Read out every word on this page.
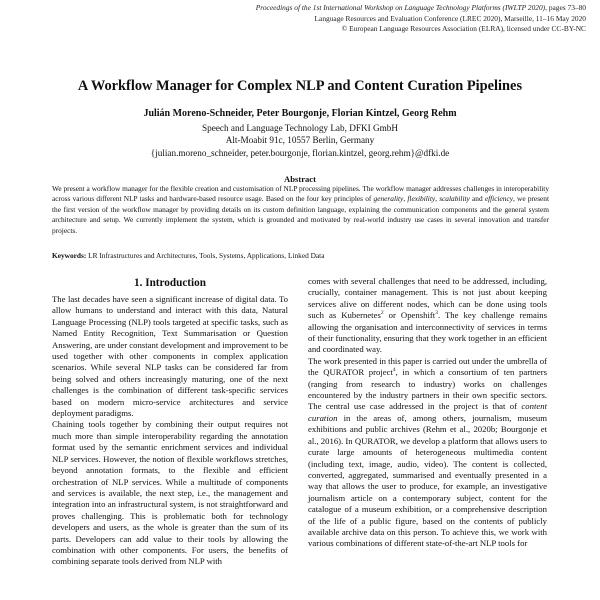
Proceedings of the 1st International Workshop on Language Technology Platforms (IWLTP 2020), pages 73–80
Language Resources and Evaluation Conference (LREC 2020), Marseille, 11–16 May 2020
© European Language Resources Association (ELRA), licensed under CC-BY-NC
A Workflow Manager for Complex NLP and Content Curation Pipelines
Julián Moreno-Schneider, Peter Bourgonje, Florian Kintzel, Georg Rehm
Speech and Language Technology Lab, DFKI GmbH
Alt-Moabit 91c, 10557 Berlin, Germany
{julian.moreno_schneider, peter.bourgonje, florian.kintzel, georg.rehm}@dfki.de
Abstract
We present a workflow manager for the flexible creation and customisation of NLP processing pipelines. The workflow manager addresses challenges in interoperability across various different NLP tasks and hardware-based resource usage. Based on the four key principles of generality, flexibility, scalability and efficiency, we present the first version of the workflow manager by providing details on its custom definition language, explaining the communication components and the general system architecture and setup. We currently implement the system, which is grounded and motivated by real-world industry use cases in several innovation and transfer projects.
Keywords: LR Infrastructures and Architectures, Tools, Systems, Applications, Linked Data
1. Introduction

The last decades have seen a significant increase of digital data. To allow humans to understand and interact with this data, Natural Language Processing (NLP) tools targeted at specific tasks, such as Named Entity Recognition, Text Summarisation or Question Answering, are under constant development and improvement to be used together with other components in complex application scenarios. While several NLP tasks can be considered far from being solved and others increasingly maturing, one of the next challenges is the combination of different task-specific services based on modern micro-service architectures and service deployment paradigms.

Chaining tools together by combining their output requires not much more than simple interoperability regarding the annotation format used by the semantic enrichment services and individual NLP services. However, the notion of flexible workflows stretches, beyond annotation formats, to the flexible and efficient orchestration of NLP services. While a multitude of components and services is available, the next step, i.e., the management and integration into an infrastructural system, is not straightforward and proves challenging. This is problematic both for technology developers and users, as the whole is greater than the sum of its parts. Developers can add value to their tools by allowing the combination with other components. For users, the benefits of combining separate tools derived from NLP with

comes with several challenges that need to be addressed, including, crucially, container management. This is not just about keeping services alive on different nodes, which can be done using tools such as Kubernetes$^2$ or Openshift$^3$. The key challenge remains allowing the organisation and interconnectivity of services in terms of their functionality, ensuring that they work together in an efficient and coordinated way.

The work presented in this paper is carried out under the umbrella of the QURATOR project$^4$, in which a consortium of ten partners (ranging from research to industry) works on challenges encountered by the industry partners in their own specific sectors. The central use case addressed in the project is that of content curation in the areas of, among others, journalism, museum exhibitions and public archives (Rehm et al., 2020b; Bourgonje et al., 2016). In QURATOR, we develop a platform that allows users to curate large amounts of heterogeneous multimedia content (including text, image, audio, video). The content is collected, converted, aggregated, summarised and eventually presented in a way that allows the user to produce, for example, an investigative journalism article on a contemporary subject, content for the catalogue of a museum exhibition, or a comprehensive description of the life of a public figure, based on the contents of publicly available archive data on this person. To achieve this, we work with various combinations of different state-of-the-art NLP tools for
